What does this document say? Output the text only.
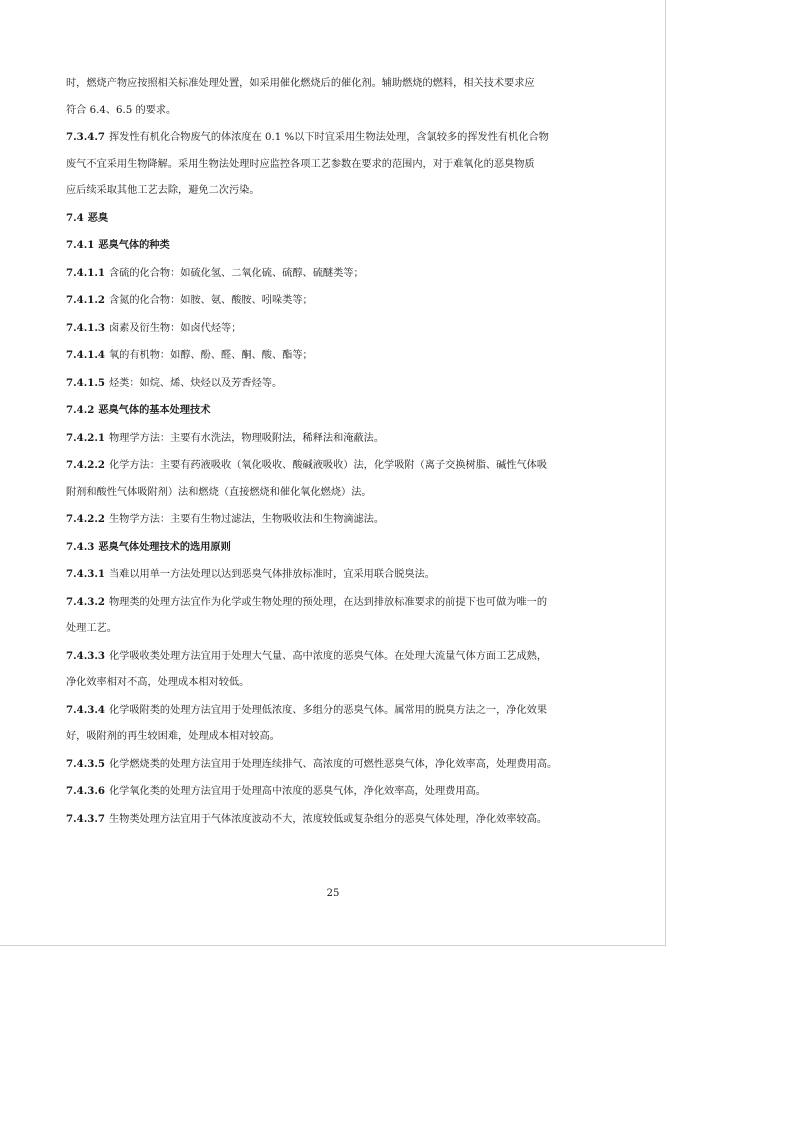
时，燃烧产物应按照相关标准处理处置，如采用催化燃烧后的催化剂。辅助燃烧的燃料，相关技术要求应

符合 6.4、6.5 的要求。

7.3.4.7 挥发性有机化合物废气的体浓度在 0.1 %以下时宜采用生物法处理，含氯较多的挥发性有机化合物

废气不宜采用生物降解。采用生物法处理时应监控各项工艺参数在要求的范围内，对于难氧化的恶臭物质

应后续采取其他工艺去除，避免二次污染。

7.4 恶臭

7.4.1 恶臭气体的种类

7.4.1.1 含硫的化合物：如硫化氢、二氧化硫、硫醇、硫醚类等；

7.4.1.2 含氮的化合物：如胺、氨、酸胺、吲哚类等；

7.4.1.3 卤素及衍生物：如卤代烃等；

7.4.1.4 氧的有机物：如醇、酚、醛、酮、酸、酯等；

7.4.1.5 烃类：如烷、烯、炔烃以及芳香烃等。

7.4.2 恶臭气体的基本处理技术

7.4.2.1 物理学方法：主要有水洗法，物理吸附法，稀释法和淹蔽法。

7.4.2.2 化学方法：主要有药液吸收（氧化吸收、酸碱液吸收）法，化学吸附（离子交换树脂、碱性气体吸

附剂和酸性气体吸附剂）法和燃烧（直接燃烧和催化氧化燃烧）法。

7.4.2.2 生物学方法：主要有生物过滤法，生物吸收法和生物滴滤法。

7.4.3 恶臭气体处理技术的选用原则

7.4.3.1 当难以用单一方法处理以达到恶臭气体排放标准时，宜采用联合脱臭法。

7.4.3.2 物理类的处理方法宜作为化学或生物处理的预处理，在达到排放标准要求的前提下也可做为唯一的

处理工艺。

7.4.3.3 化学吸收类处理方法宜用于处理大气量、高中浓度的恶臭气体。在处理大流量气体方面工艺成熟，

净化效率相对不高，处理成本相对较低。

7.4.3.4 化学吸附类的处理方法宜用于处理低浓度、多组分的恶臭气体。属常用的脱臭方法之一，净化效果

好，吸附剂的再生较困难，处理成本相对较高。

7.4.3.5 化学燃烧类的处理方法宜用于处理连续排气、高浓度的可燃性恶臭气体，净化效率高，处理费用高。

7.4.3.6 化学氧化类的处理方法宜用于处理高中浓度的恶臭气体，净化效率高，处理费用高。

7.4.3.7 生物类处理方法宜用于气体浓度波动不大，浓度较低或复杂组分的恶臭气体处理，净化效率较高。

25
